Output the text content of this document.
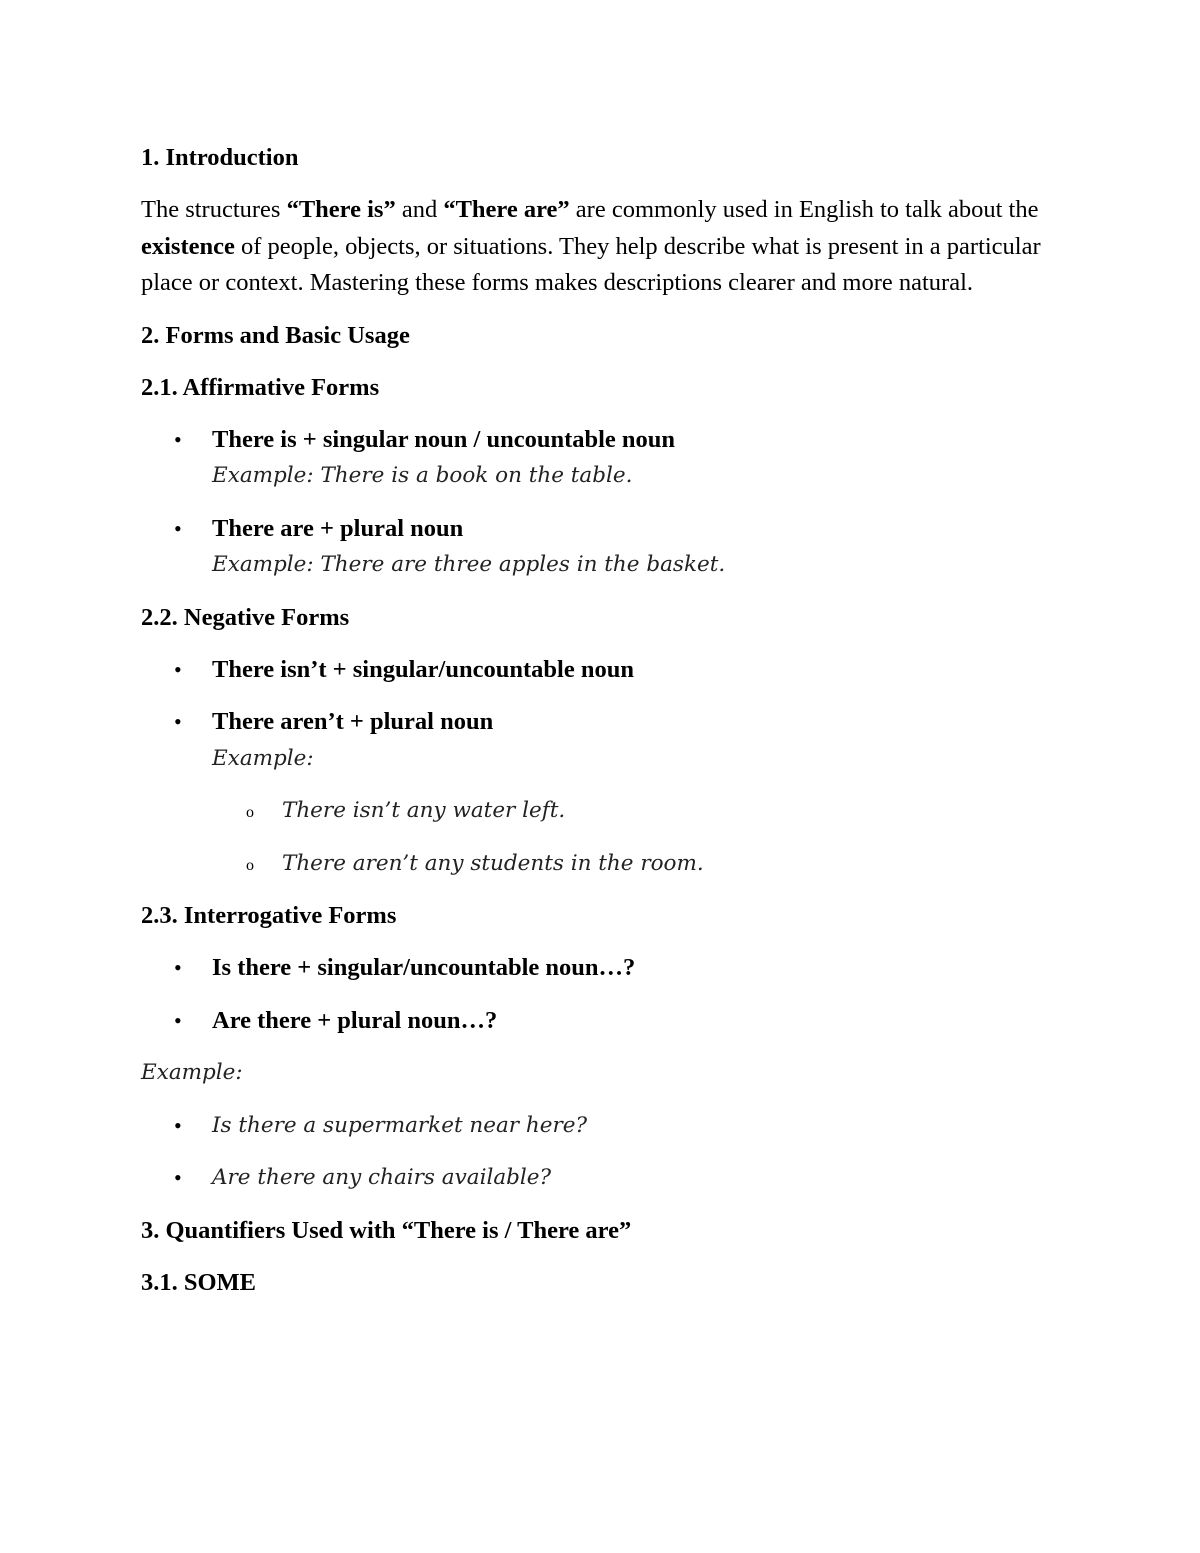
1. Introduction
The structures “There is” and “There are” are commonly used in English to talk about the existence of people, objects, or situations. They help describe what is present in a particular place or context. Mastering these forms makes descriptions clearer and more natural.
2. Forms and Basic Usage
2.1. Affirmative Forms
• There is + singular noun / uncountable noun
Example: There is a book on the table.
• There are + plural noun
Example: There are three apples in the basket.
2.2. Negative Forms
• There isn’t + singular/uncountable noun
• There aren’t + plural noun
Example:
o There isn’t any water left.
o There aren’t any students in the room.
2.3. Interrogative Forms
• Is there + singular/uncountable noun…?
• Are there + plural noun…?
Example:
• Is there a supermarket near here?
• Are there any chairs available?
3. Quantifiers Used with “There is / There are”
3.1. SOME
